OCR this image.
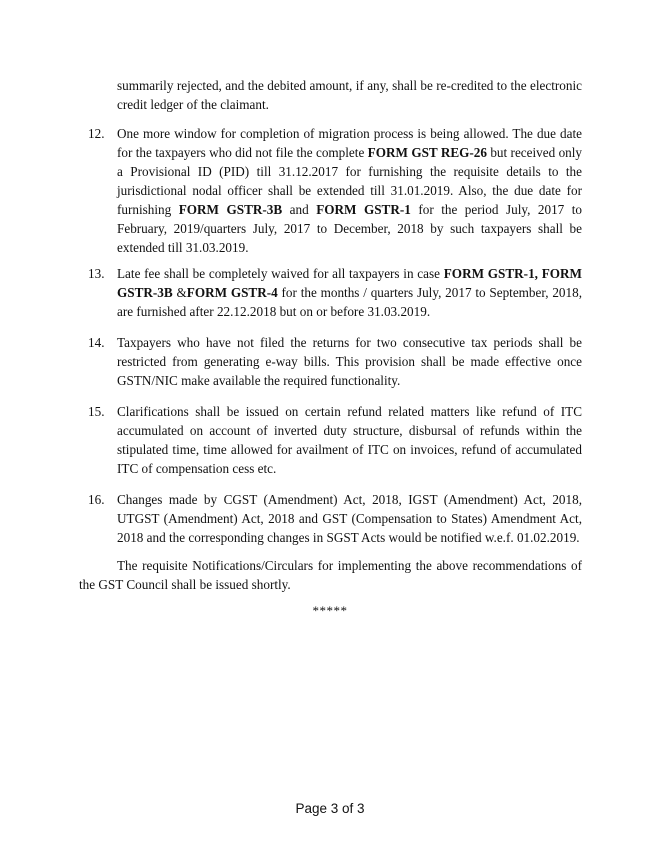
summarily rejected, and the debited amount, if any, shall be re-credited to the electronic credit ledger of the claimant.

12. One more window for completion of migration process is being allowed. The due date for the taxpayers who did not file the complete FORM GST REG-26 but received only a Provisional ID (PID) till 31.12.2017 for furnishing the requisite details to the jurisdictional nodal officer shall be extended till 31.01.2019. Also, the due date for furnishing FORM GSTR-3B and FORM GSTR-1 for the period July, 2017 to February, 2019/quarters July, 2017 to December, 2018 by such taxpayers shall be extended till 31.03.2019.
13. Late fee shall be completely waived for all taxpayers in case FORM GSTR-1, FORM GSTR-3B &FORM GSTR-4 for the months / quarters July, 2017 to September, 2018, are furnished after 22.12.2018 but on or before 31.03.2019.
14. Taxpayers who have not filed the returns for two consecutive tax periods shall be restricted from generating e-way bills. This provision shall be made effective once GSTN/NIC make available the required functionality.
15. Clarifications shall be issued on certain refund related matters like refund of ITC accumulated on account of inverted duty structure, disbursal of refunds within the stipulated time, time allowed for availment of ITC on invoices, refund of accumulated ITC of compensation cess etc.
16. Changes made by CGST (Amendment) Act, 2018, IGST (Amendment) Act, 2018, UTGST (Amendment) Act, 2018 and GST (Compensation to States) Amendment Act, 2018 and the corresponding changes in SGST Acts would be notified w.e.f. 01.02.2019.

The requisite Notifications/Circulars for implementing the above recommendations of the GST Council shall be issued shortly.

*****
Page 3 of 3
